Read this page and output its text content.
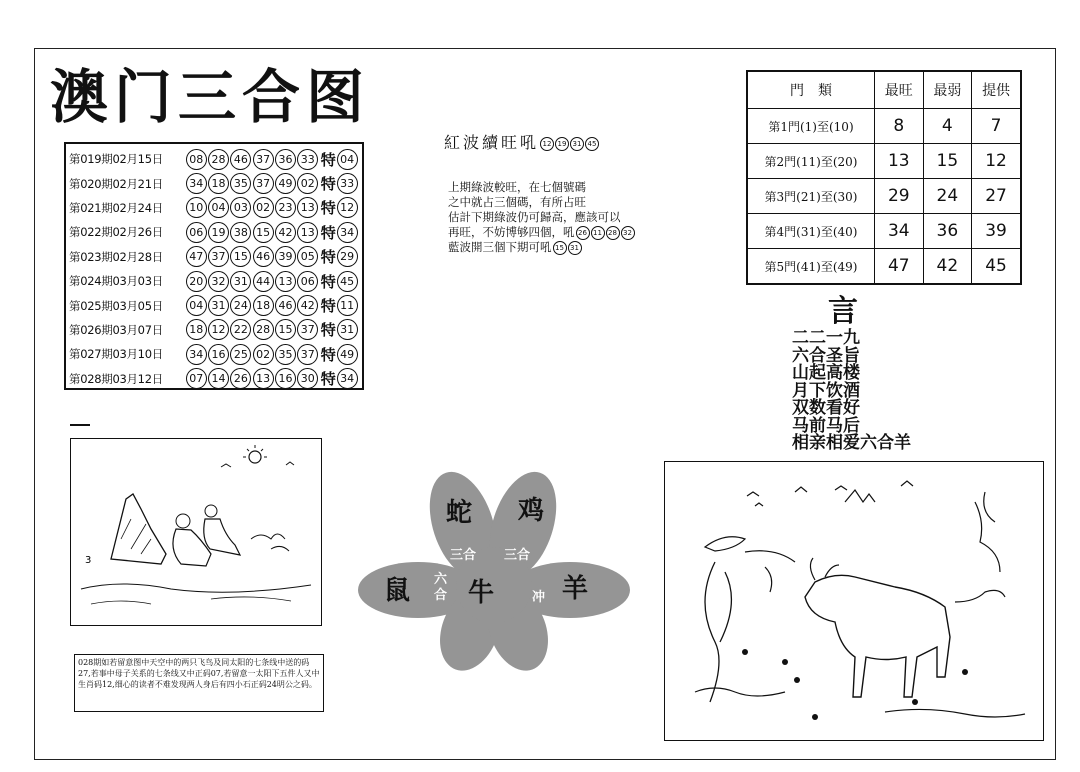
澳门三合图
第019期02月15日	08 28 46 37 36 33 特 04
第020期02月21日	34 18 35 37 49 02 特 33
第021期02月24日	10 04 03 02 23 13 特 12
第022期02月26日	06 19 38 15 42 13 特 34
第023期02月28日	47 37 15 46 39 05 特 29
第024期03月03日	20 32 31 44 13 06 特 45
第025期03月05日	04 31 24 18 46 42 特 11
第026期03月07日	18 12 22 28 15 37 特 31
第027期03月10日	34 16 25 02 35 37 特 49
第028期03月12日	07 14 26 13 16 30 特 34
紅波續旺吼 12 19 31 45
上期綠波較旺，在七個號碼
之中就占三個碼，有所占旺
估計下期綠波仍可歸高，應該可以
再旺，不妨博够四個，吼 26 11 28 32
藍波開三個下期可吼 15 31
門　類	最旺	最弱	提供
第1門(1)至(10)	8	4	7
第2門(11)至(20)	13	15	12
第3門(21)至(30)	29	24	27
第4門(31)至(40)	34	36	39
第5門(41)至(49)	47	42	45
言
二二一九
六合圣旨
山起高楼
月下饮酒
双数看好
马前马后
相亲相爱六合羊
3
028期如若留意图中天空中的两只飞鸟及同太阳的七条线中送的码27,若事中母子关系的七条线又中正码07,若留意一太阳下五件人又中生肖码12,细心的读者不难发现两人身后有四小石正码24明公之码。
蛇 鸡
鼠 牛	羊
三合 三合
六合	冲
